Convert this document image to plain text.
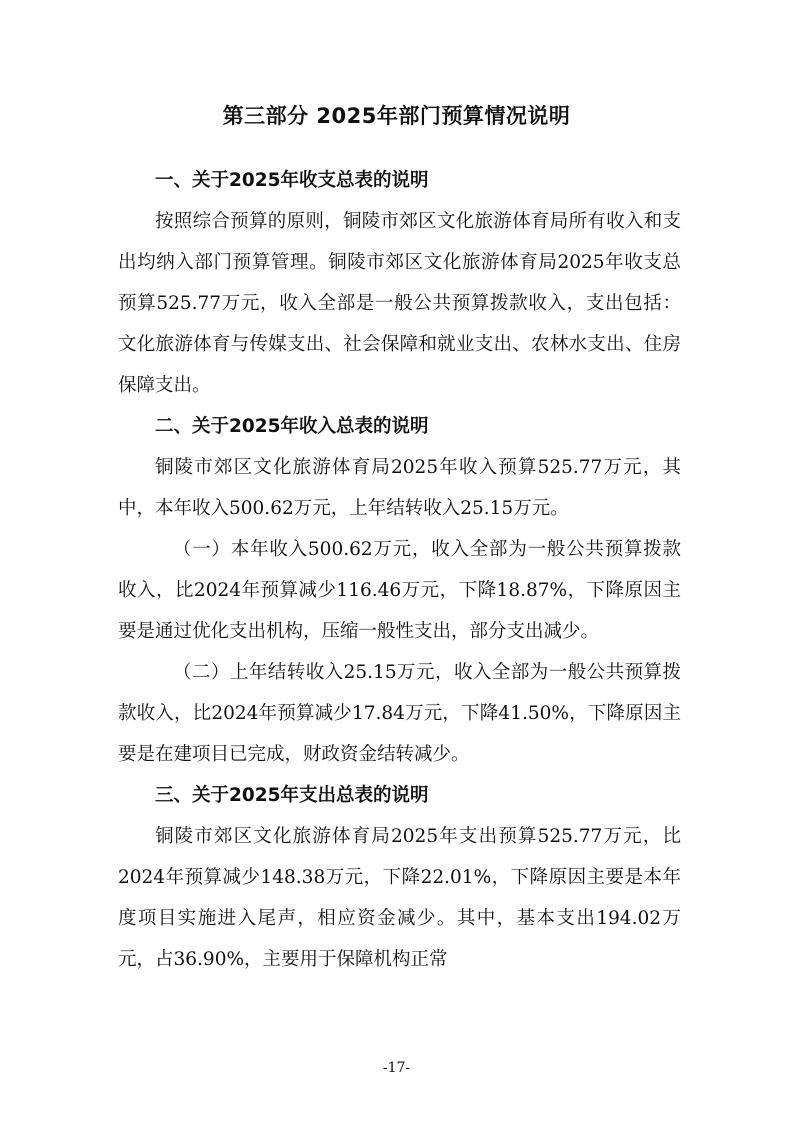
第三部分 2025年部门预算情况说明

一、关于2025年收支总表的说明

按照综合预算的原则，铜陵市郊区文化旅游体育局所有收入和支出均纳入部门预算管理。铜陵市郊区文化旅游体育局2025年收支总预算525.77万元，收入全部是一般公共预算拨款收入，支出包括：文化旅游体育与传媒支出、社会保障和就业支出、农林水支出、住房保障支出。

二、关于2025年收入总表的说明

铜陵市郊区文化旅游体育局2025年收入预算525.77万元，其中，本年收入500.62万元，上年结转收入25.15万元。

（一）本年收入500.62万元，收入全部为一般公共预算拨款收入，比2024年预算减少116.46万元，下降18.87%，下降原因主要是通过优化支出机构，压缩一般性支出，部分支出减少。

（二）上年结转收入25.15万元，收入全部为一般公共预算拨款收入，比2024年预算减少17.84万元，下降41.50%，下降原因主要是在建项目已完成，财政资金结转减少。

三、关于2025年支出总表的说明

铜陵市郊区文化旅游体育局2025年支出预算525.77万元，比2024年预算减少148.38万元，下降22.01%，下降原因主要是本年度项目实施进入尾声，相应资金减少。其中，基本支出194.02万元，占36.90%，主要用于保障机构正常

-17-
